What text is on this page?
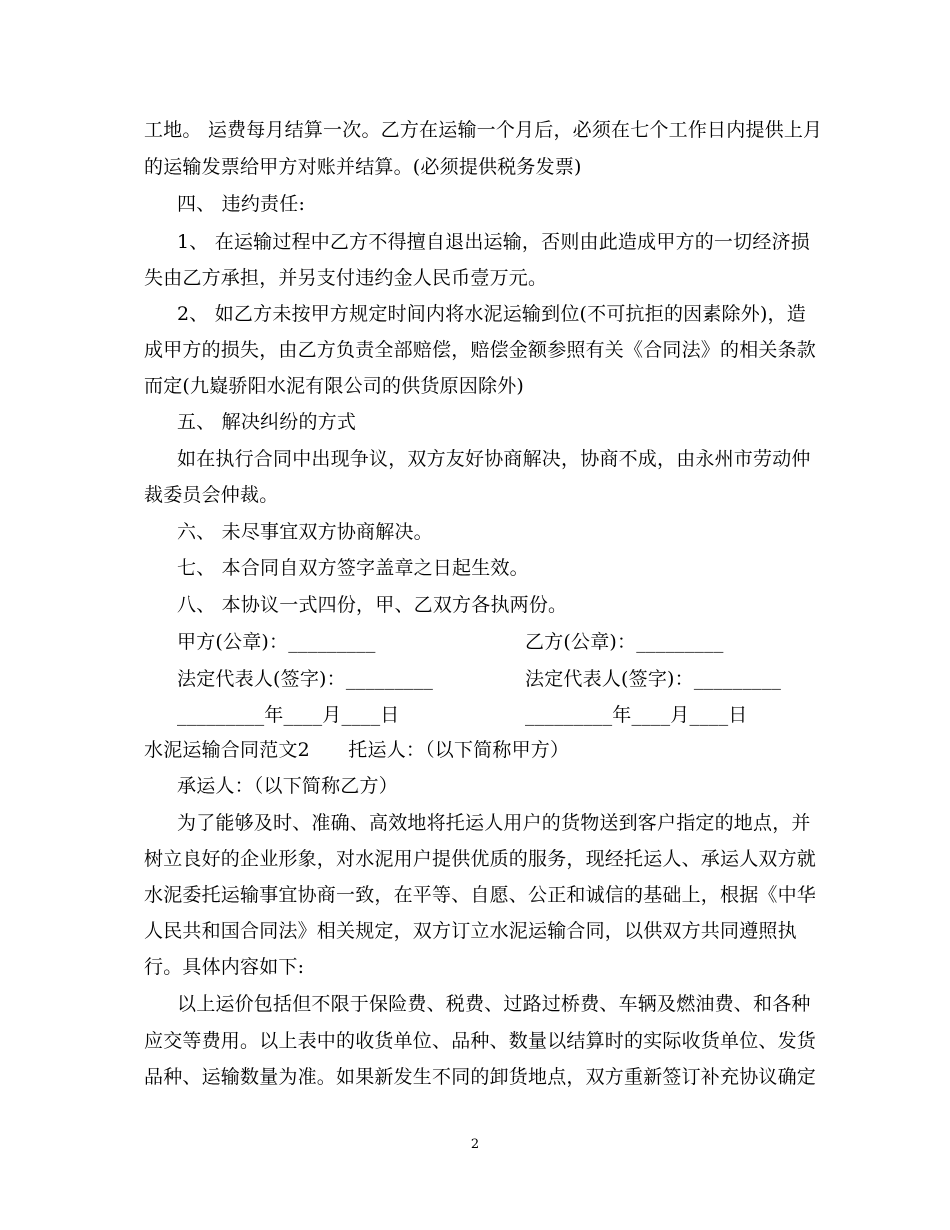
工地。 运费每月结算一次。乙方在运输一个月后，必须在七个工作日内提供上月
的运输发票给甲方对账并结算。(必须提供税务发票)
四、 违约责任:
1、 在运输过程中乙方不得擅自退出运输，否则由此造成甲方的一切经济损
失由乙方承担，并另支付违约金人民币壹万元。
2、 如乙方未按甲方规定时间内将水泥运输到位(不可抗拒的因素除外)，造
成甲方的损失，由乙方负责全部赔偿，赔偿金额参照有关《合同法》的相关条款
而定(九嶷骄阳水泥有限公司的供货原因除外)
五、 解决纠纷的方式
如在执行合同中出现争议，双方友好协商解决，协商不成，由永州市劳动仲
裁委员会仲裁。
六、 未尽事宜双方协商解决。
七、 本合同自双方签字盖章之日起生效。
八、 本协议一式四份，甲、乙双方各执两份。
甲方(公章)：_________	乙方(公章)：_________
法定代表人(签字)：_________	法定代表人(签字)：_________
_________年____月____日	_________年____月____日
水泥运输合同范文2　　托运人：（以下简称甲方）
承运人：（以下简称乙方）
为了能够及时、准确、高效地将托运人用户的货物送到客户指定的地点，并
树立良好的企业形象，对水泥用户提供优质的服务，现经托运人、承运人双方就
水泥委托运输事宜协商一致，在平等、自愿、公正和诚信的基础上，根据《中华
人民共和国合同法》相关规定，双方订立水泥运输合同，以供双方共同遵照执
行。具体内容如下:
以上运价包括但不限于保险费、税费、过路过桥费、车辆及燃油费、和各种
应交等费用。以上表中的收货单位、品种、数量以结算时的实际收货单位、发货
品种、运输数量为准。如果新发生不同的卸货地点，双方重新签订补充协议确定
2
